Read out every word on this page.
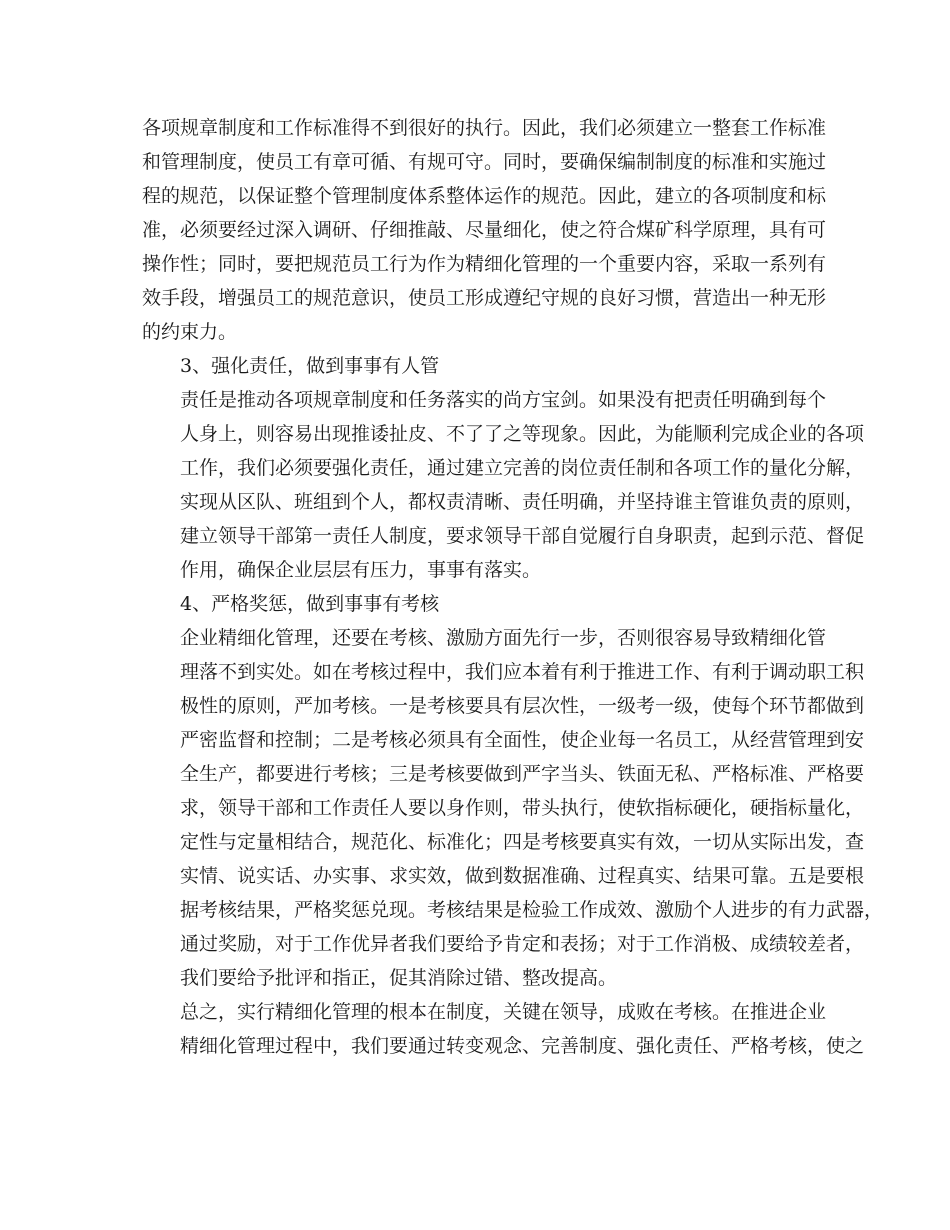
各项规章制度和工作标准得不到很好的执行。因此，我们必须建立一整套工作标准
和管理制度，使员工有章可循、有规可守。同时，要确保编制制度的标准和实施过
程的规范，以保证整个管理制度体系整体运作的规范。因此，建立的各项制度和标
准，必须要经过深入调研、仔细推敲、尽量细化，使之符合煤矿科学原理，具有可
操作性；同时，要把规范员工行为作为精细化管理的一个重要内容，采取一系列有
效手段，增强员工的规范意识，使员工形成遵纪守规的良好习惯，营造出一种无形
的约束力。
3、强化责任，做到事事有人管
责任是推动各项规章制度和任务落实的尚方宝剑。如果没有把责任明确到每个
人身上，则容易出现推诿扯皮、不了了之等现象。因此，为能顺利完成企业的各项
工作，我们必须要强化责任，通过建立完善的岗位责任制和各项工作的量化分解，
实现从区队、班组到个人，都权责清晰、责任明确，并坚持谁主管谁负责的原则，
建立领导干部第一责任人制度，要求领导干部自觉履行自身职责，起到示范、督促
作用，确保企业层层有压力，事事有落实。
4、严格奖惩，做到事事有考核
企业精细化管理，还要在考核、激励方面先行一步，否则很容易导致精细化管
理落不到实处。如在考核过程中，我们应本着有利于推进工作、有利于调动职工积
极性的原则，严加考核。一是考核要具有层次性，一级考一级，使每个环节都做到
严密监督和控制；二是考核必须具有全面性，使企业每一名员工，从经营管理到安
全生产，都要进行考核；三是考核要做到严字当头、铁面无私、严格标准、严格要
求，领导干部和工作责任人要以身作则，带头执行，使软指标硬化，硬指标量化，
定性与定量相结合，规范化、标准化；四是考核要真实有效，一切从实际出发，查
实情、说实话、办实事、求实效，做到数据准确、过程真实、结果可靠。五是要根
据考核结果，严格奖惩兑现。考核结果是检验工作成效、激励个人进步的有力武器，
通过奖励，对于工作优异者我们要给予肯定和表扬；对于工作消极、成绩较差者，
我们要给予批评和指正，促其消除过错、整改提高。
总之，实行精细化管理的根本在制度，关键在领导，成败在考核。在推进企业
精细化管理过程中，我们要通过转变观念、完善制度、强化责任、严格考核，使之
